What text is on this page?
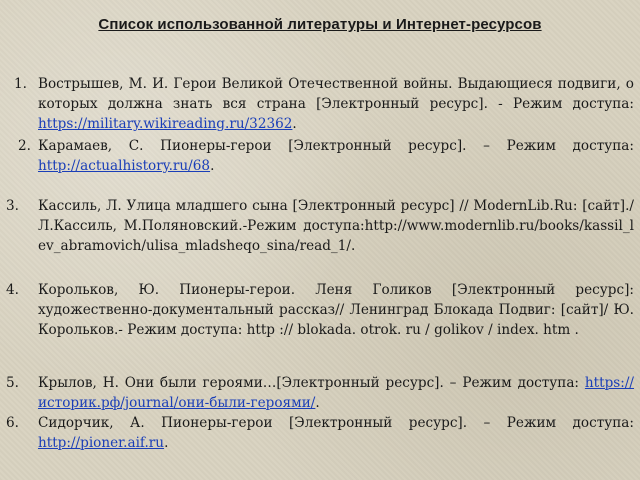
Список использованной литературы и Интернет-ресурсов
1. Вострышев, М. И. Герои Великой Отечественной войны. Выдающиеся подвиги, о которых должна знать вся страна [Электронный ресурс]. - Режим доступа: https://military.wikireading.ru/32362.
2. Карамаев, С. Пионеры-герои [Электронный ресурс]. – Режим доступа: http://actualhistory.ru/68.
3. Кассиль, Л. Улица младшего сына [Электронный ресурс] // ModernLib.Ru: [сайт]./ Л.Кассиль, М.Поляновский.-Режим доступа:http://www.modernlib.ru/books/kassil_lev_abramovich/ulisa_mladsheqo_sina/read_1/.
4. Корольков, Ю. Пионеры-герои. Леня Голиков [Электронный ресурс]: художественно-документальный рассказ// Ленинград Блокада Подвиг: [сайт]/ Ю. Корольков.- Режим доступа: http :// blokada. otrok. ru / golikov / index. htm .
5. Крылов, Н. Они были героями…[Электронный ресурс]. – Режим доступа: https://историк.рф/journal/они-были-героями/.
6. Сидорчик, А. Пионеры-герои [Электронный ресурс]. – Режим доступа: http://pioner.aif.ru.
